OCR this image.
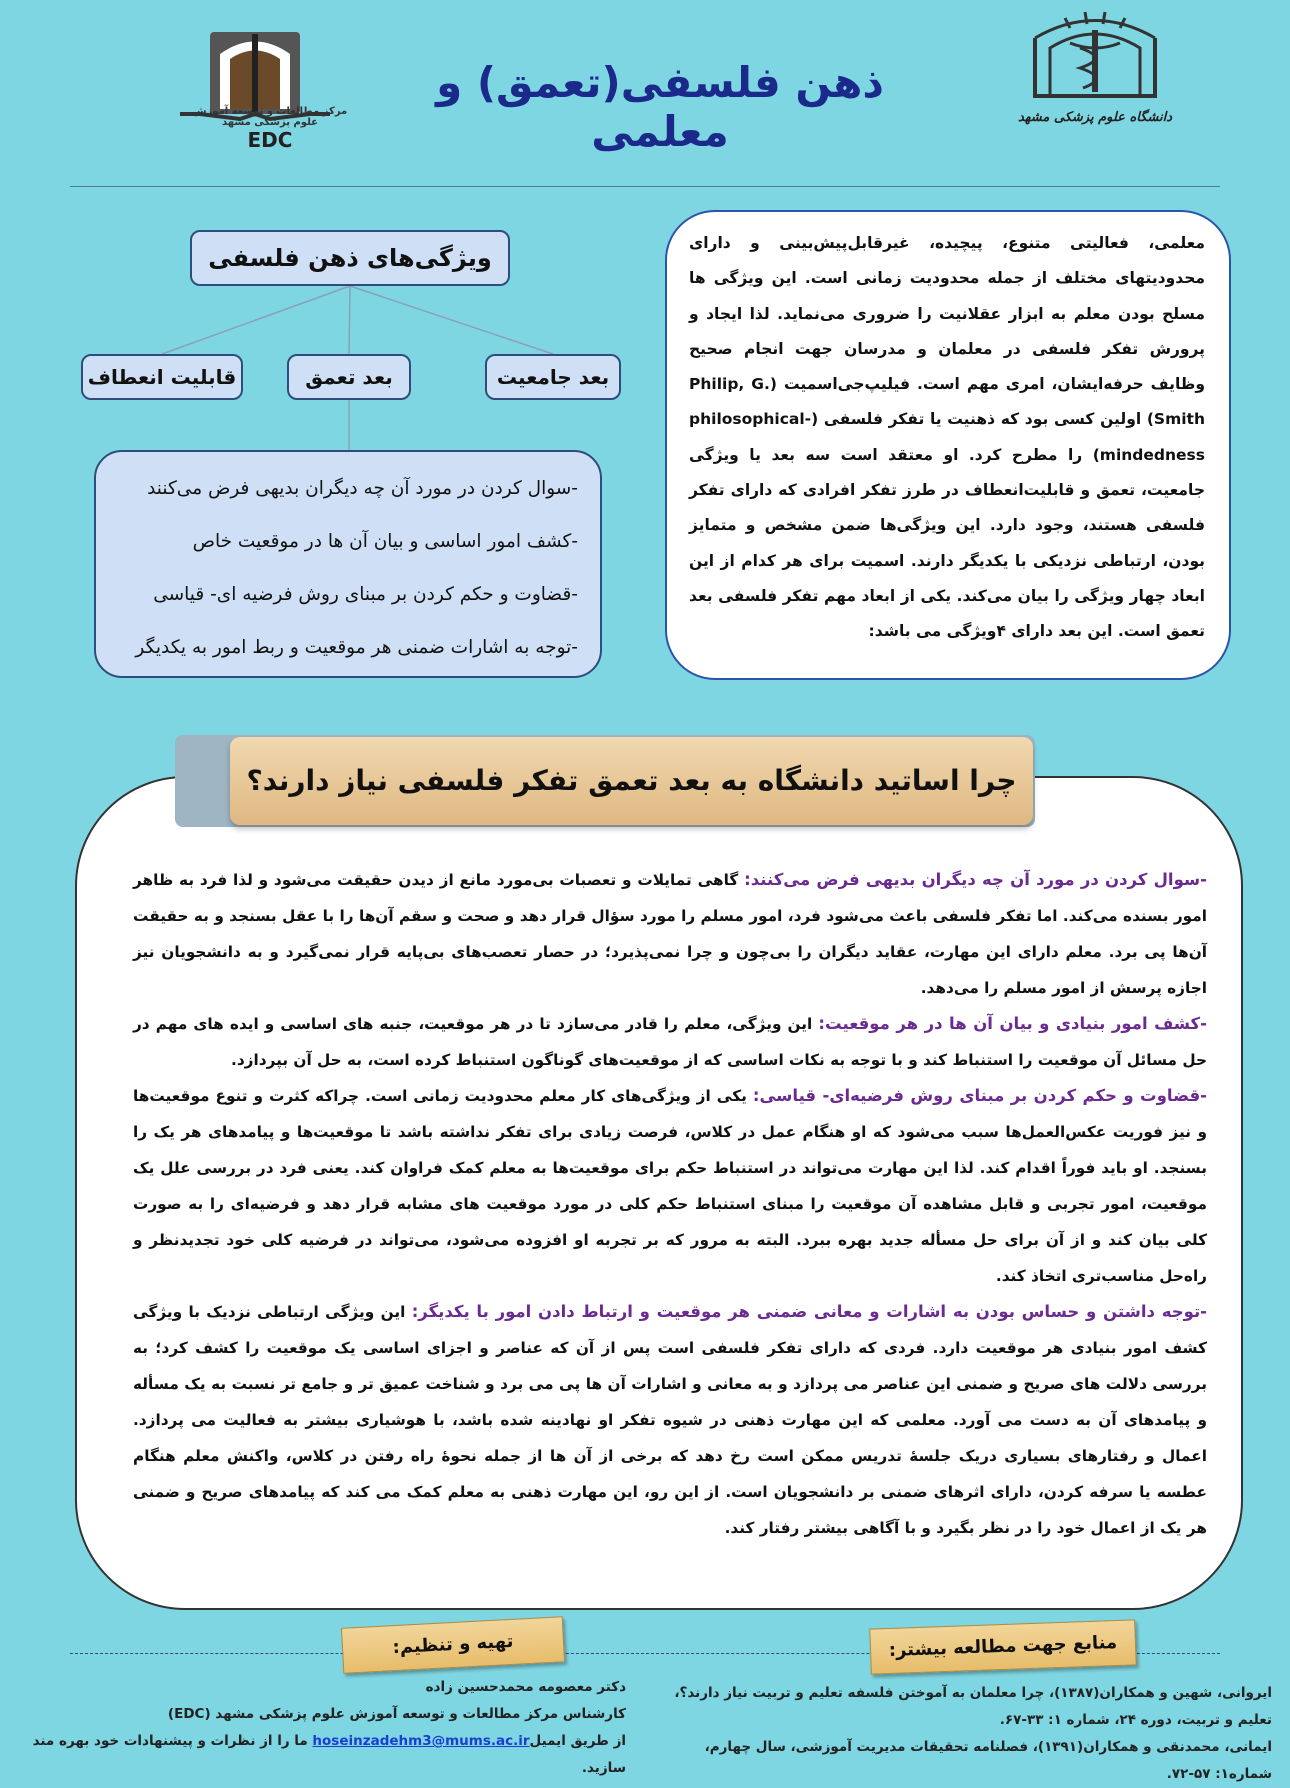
مرکز مطالعات و توسعه آموزش علوم پزشکی مشهد
EDC
ذهن فلسفی(تعمق) و معلمی	دانشگاه علوم پزشکی مشهد
معلمی، فعالیتی متنوع، پیچیده، غیرقابل‌پیش‌بینی و دارای محدودیتهای مختلف از جمله محدودیت زمانی است. این ویژگی ها مسلح بودن معلم به ابزار عقلانیت را ضروری می‌نماید. لذا ایجاد و پرورش تفکر فلسفی در معلمان و مدرسان جهت انجام صحیح وظایف حرفه‌ایشان، امری مهم است. فیلیپ‌جی‌اسمیت (Philip, G. Smith) اولین کسی بود که ذهنیت یا تفکر فلسفی (philosophical- mindedness) را مطرح کرد. او معتقد است سه بعد یا ویژگی جامعیت، تعمق و قابلیت‌انعطاف در طرز تفکر افرادی که دارای تفکر فلسفی هستند، وجود دارد. این ویژگی‌ها ضمن مشخص و متمایز بودن، ارتباطی نزدیکی با یکدیگر دارند. اسمیت برای هر کدام از این ابعاد چهار ویژگی را بیان می‌کند. یکی از ابعاد مهم تفکر فلسفی بعد تعمق است. این بعد دارای ۴ویژگی می باشد:
ویژگی‌های ذهن فلسفی
بعد جامعیت
بعد تعمق
قابلیت انعطاف
-سوال کردن در مورد آن چه دیگران بدیهی فرض می‌کنند
-کشف امور اساسی و بیان آن ها در موقعیت خاص
-قضاوت و حکم کردن بر مبنای روش فرضیه ای- قیاسی
-توجه به اشارات ضمنی هر موقعیت و ربط امور به یکدیگر
چرا اساتید دانشگاه به بعد تعمق تفکر فلسفی نیاز دارند؟

-سوال کردن در مورد آن چه دیگران بدیهی فرض می‌کنند: گاهی تمایلات و تعصبات بی‌مورد مانع از دیدن حقیقت می‌شود و لذا فرد به ظاهر امور بسنده می‌کند. اما تفکر فلسفی باعث می‌شود فرد، امور مسلم را مورد سؤال قرار دهد و صحت و سقم آن‌ها را با عقل بسنجد و به حقیقت آن‌ها پی برد. معلم دارای این مهارت، عقاید دیگران را بی‌چون و چرا نمی‌پذیرد؛ در حصار تعصب‌های بی‌پایه قرار نمی‌گیرد و به دانشجویان نیز اجازه پرسش از امور مسلم را می‌دهد.

-کشف امور بنیادی و بیان آن ها در هر موقعیت: این ویژگی، معلم را قادر می‌سازد تا در هر موقعیت، جنبه های اساسی و ایده های مهم در حل مسائل آن موقعیت را استنباط کند و با توجه به نکات اساسی که از موقعیت‌های گوناگون استنباط کرده است، به حل آن بپردازد.

-قضاوت و حکم کردن بر مبنای روش فرضیه‌ای- قیاسی: یکی از ویژگی‌های کار معلم محدودیت زمانی است. چراکه کثرت و تنوع موقعیت‌ها و نیز فوریت عکس‌العمل‌ها سبب می‌شود که او هنگام عمل در کلاس، فرصت زیادی برای تفکر نداشته باشد تا موقعیت‌ها و پیامدهای هر یک را بسنجد. او باید فوراً اقدام کند. لذا این مهارت می‌تواند در استنباط حکم برای موقعیت‌ها به معلم کمک فراوان کند. یعنی فرد در بررسی علل یک موقعیت، امور تجربی و قابل مشاهده آن موقعیت را مبنای استنباط حکم کلی در مورد موقعیت های مشابه قرار دهد و فرضیه‌ای را به صورت کلی بیان کند و از آن برای حل مسأله جدید بهره ببرد. البته به مرور که بر تجربه او افزوده می‌شود، می‌تواند در فرضیه کلی خود تجدیدنظر و راه‌حل مناسب‌تری اتخاذ کند.

-توجه داشتن و حساس بودن به اشارات و معانی ضمنی هر موقعیت و ارتباط دادن امور با یکدیگر: این ویژگی ارتباطی نزدیک با ویژگی کشف امور بنیادی هر موقعیت دارد. فردی که دارای تفکر فلسفی است پس از آن که عناصر و اجزای اساسی یک موقعیت را کشف کرد؛ به بررسی دلالت های صریح و ضمنی این عناصر می پردازد و به معانی و اشارات آن ها پی می برد و شناخت عمیق تر و جامع تر نسبت به یک مسأله و پیامدهای آن به دست می آورد. معلمی که این مهارت ذهنی در شیوه تفکر او نهادینه شده باشد، با هوشیاری بیشتر به فعالیت می پردازد. اعمال و رفتارهای بسیاری دریک جلسۀ تدریس ممکن است رخ دهد که برخی از آن ها از جمله نحوۀ راه رفتن در کلاس، واکنش معلم هنگام عطسه یا سرفه کردن، دارای اثرهای ضمنی بر دانشجویان است. از این رو، این مهارت ذهنی به معلم کمک می کند که پیامدهای صریح و ضمنی هر یک از اعمال خود را در نظر بگیرد و با آگاهی بیشتر رفتار کند.

منابع جهت مطالعه بیشتر:
تهیه و تنظیم:
ایروانی، شهین و همکاران(۱۳۸۷)، چرا معلمان به آموختن فلسفه تعلیم و تربیت نیاز دارند؟، تعلیم و تربیت، دوره ۲۴، شماره ۱: ۳۳-۶۷.
ایمانی، محمدنقی و همکاران(۱۳۹۱)، فصلنامه تحقیقات مدیریت آموزشی، سال چهارم، شماره۱: ۵۷-۷۲.
دکتر معصومه محمدحسین زاده
کارشناس مرکز مطالعات و توسعه آموزش علوم پزشکی مشهد (EDC)
از طریق ایمیلhoseinzadehm3@mums.ac.ir ما را از نظرات و پیشنهادات خود بهره مند سازید.
